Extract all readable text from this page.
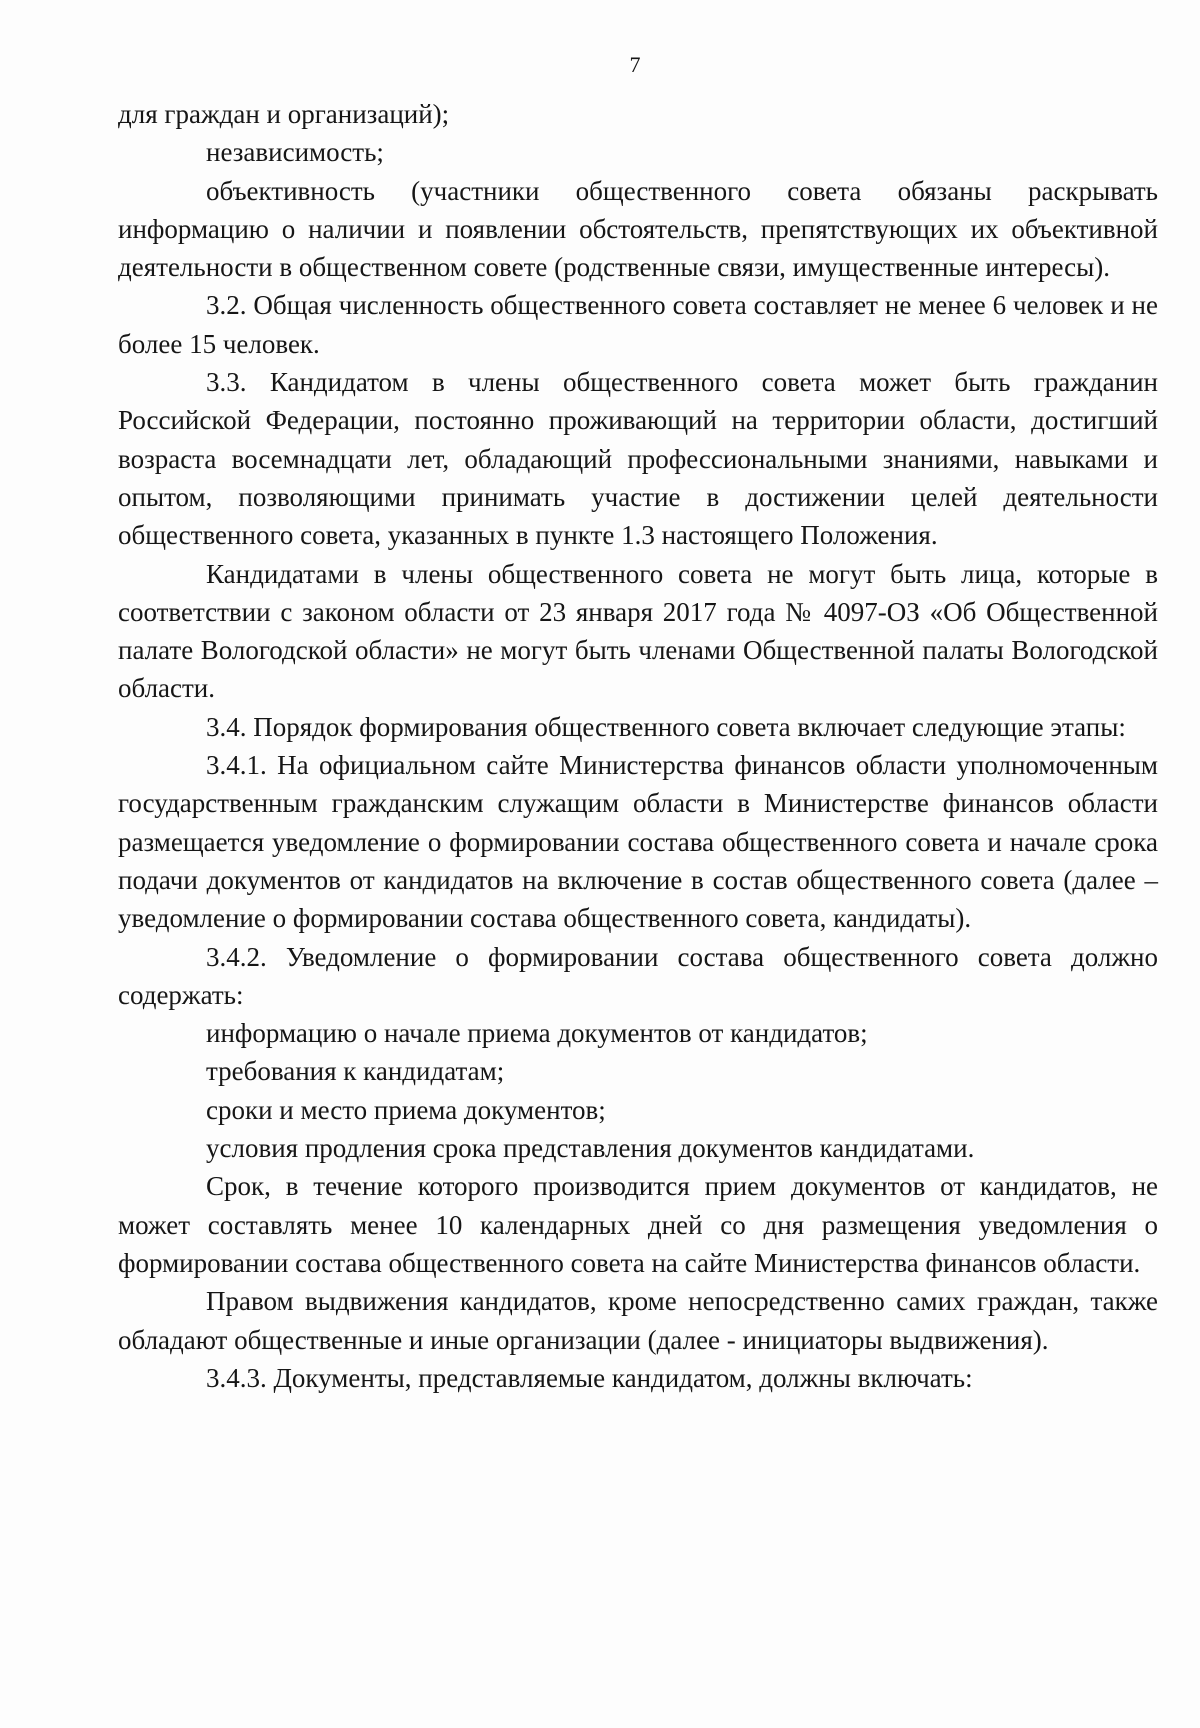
7

для граждан и организаций);

независимость;

объективность (участники общественного совета обязаны раскрывать информацию о наличии и появлении обстоятельств, препятствующих их объективной деятельности в общественном совете (родственные связи, имущественные интересы).

3.2. Общая численность общественного совета составляет не менее 6 человек и не более 15 человек.

3.3. Кандидатом в члены общественного совета может быть гражданин Российской Федерации, постоянно проживающий на территории области, достигший возраста восемнадцати лет, обладающий профессиональными знаниями, навыками и опытом, позволяющими принимать участие в достижении целей деятельности общественного совета, указанных в пункте 1.3 настоящего Положения.

Кандидатами в члены общественного совета не могут быть лица, которые в соответствии с законом области от 23 января 2017 года № 4097-ОЗ «Об Общественной палате Вологодской области» не могут быть членами Общественной палаты Вологодской области.

3.4. Порядок формирования общественного совета включает следующие этапы:

3.4.1. На официальном сайте Министерства финансов области уполномоченным государственным гражданским служащим области в Министерстве финансов области размещается уведомление о формировании состава общественного совета и начале срока подачи документов от кандидатов на включение в состав общественного совета (далее – уведомление о формировании состава общественного совета, кандидаты).

3.4.2. Уведомление о формировании состава общественного совета должно содержать:

информацию о начале приема документов от кандидатов;

требования к кандидатам;

сроки и место приема документов;

условия продления срока представления документов кандидатами.

Срок, в течение которого производится прием документов от кандидатов, не может составлять менее 10 календарных дней со дня размещения уведомления о формировании состава общественного совета на сайте Министерства финансов области.

Правом выдвижения кандидатов, кроме непосредственно самих граждан, также обладают общественные и иные организации (далее - инициаторы выдвижения).

3.4.3. Документы, представляемые кандидатом, должны включать:
